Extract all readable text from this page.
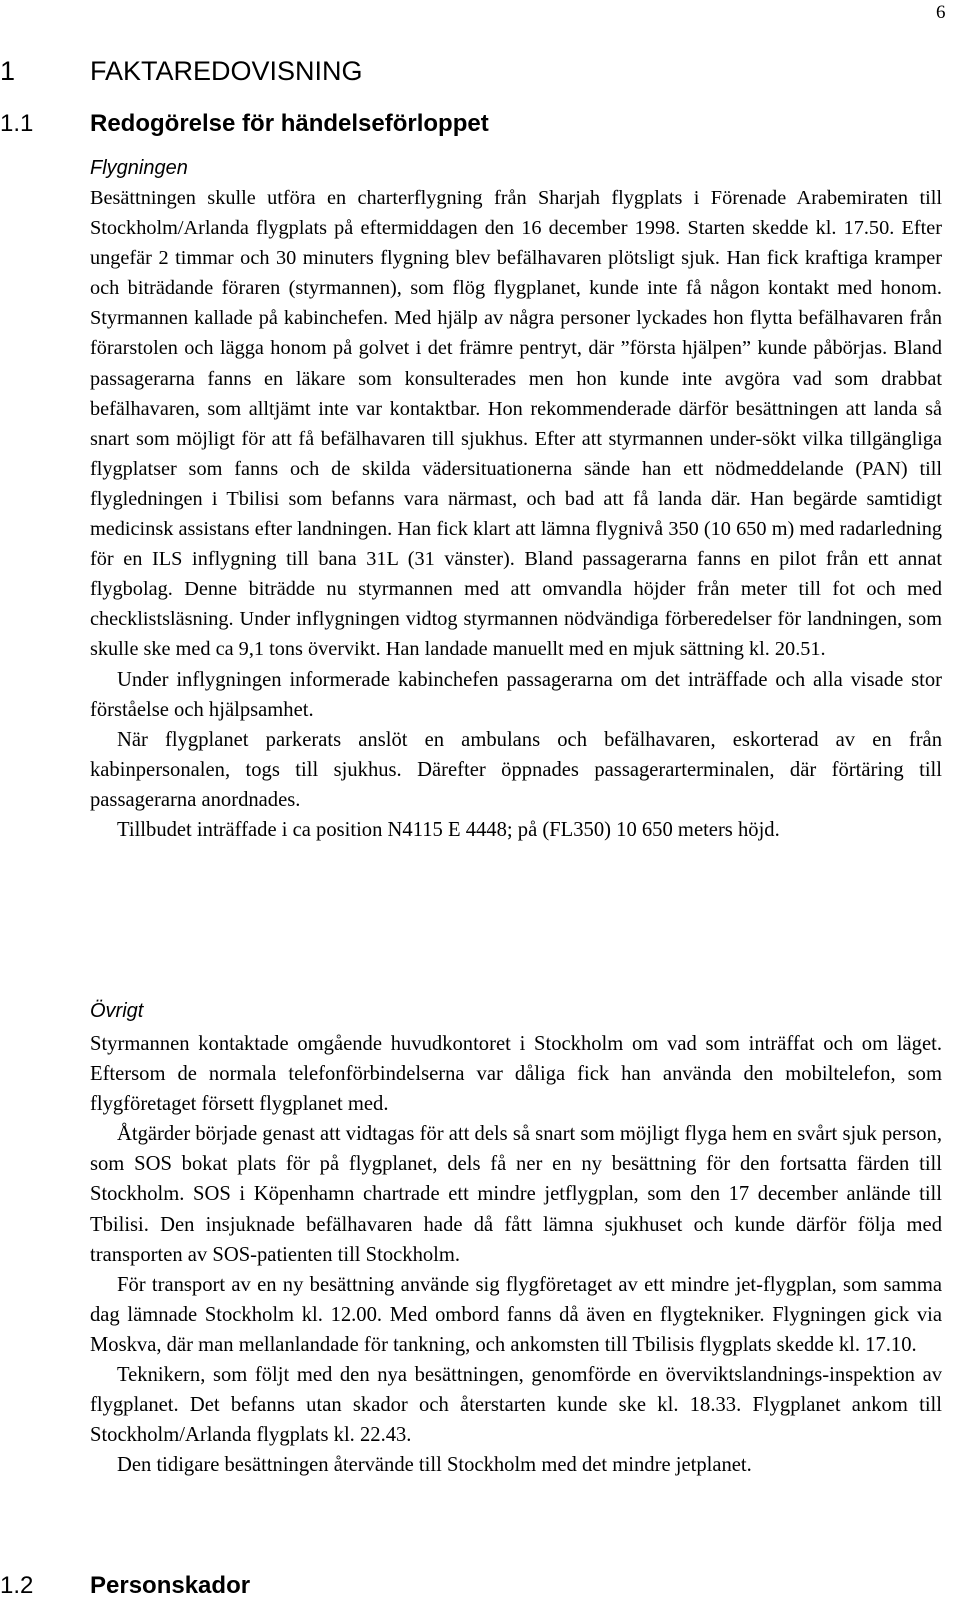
6
1	FAKTAREDOVISNING
1.1 Redogörelse för händelseförloppet
Flygningen

Besättningen skulle utföra en charterflygning från Sharjah flygplats i Förenade Arabemiraten till Stockholm/Arlanda flygplats på eftermiddagen den 16 december 1998. Starten skedde kl. 17.50. Efter ungefär 2 timmar och 30 minuters flygning blev befälhavaren plötsligt sjuk. Han fick kraftiga kramper och biträdande föraren (styrmannen), som flög flygplanet, kunde inte få någon kontakt med honom. Styrmannen kallade på kabinchefen. Med hjälp av några personer lyckades hon flytta befälhavaren från förarstolen och lägga honom på golvet i det främre pentryt, där ”första hjälpen” kunde påbörjas. Bland passagerarna fanns en läkare som konsulterades men hon kunde inte avgöra vad som drabbat befälhavaren, som alltjämt inte var kontaktbar. Hon rekommenderade därför besättningen att landa så snart som möjligt för att få befälhavaren till sjukhus. Efter att styrmannen under-sökt vilka tillgängliga flygplatser som fanns och de skilda vädersituationerna sände han ett nödmeddelande (PAN) till flygledningen i Tbilisi som befanns vara närmast, och bad att få landa där. Han begärde samtidigt medicinsk assistans efter landningen. Han fick klart att lämna flygnivå 350 (10 650 m) med radarledning för en ILS inflygning till bana 31L (31 vänster). Bland passagerarna fanns en pilot från ett annat flygbolag. Denne biträdde nu styrmannen med att omvandla höjder från meter till fot och med checklistsläsning. Under inflygningen vidtog styrmannen nödvändiga förberedelser för landningen, som skulle ske med ca 9,1 tons övervikt. Han landade manuellt med en mjuk sättning kl. 20.51.

Under inflygningen informerade kabinchefen passagerarna om det inträffade och alla visade stor förståelse och hjälpsamhet.

När flygplanet parkerats anslöt en ambulans och befälhavaren, eskorterad av en från kabinpersonalen, togs till sjukhus. Därefter öppnades passagerarterminalen, där förtäring till passagerarna anordnades.

Tillbudet inträffade i ca position N4115 E 4448; på (FL350) 10 650 meters höjd.

Övrigt

Styrmannen kontaktade omgående huvudkontoret i Stockholm om vad som inträffat och om läget. Eftersom de normala telefonförbindelserna var dåliga fick han använda den mobiltelefon, som flygföretaget försett flygplanet med.

Åtgärder började genast att vidtagas för att dels så snart som möjligt flyga hem en svårt sjuk person, som SOS bokat plats för på flygplanet, dels få ner en ny besättning för den fortsatta färden till Stockholm. SOS i Köpenhamn chartrade ett mindre jetflygplan, som den 17 december anlände till Tbilisi. Den insjuknade befälhavaren hade då fått lämna sjukhuset och kunde därför följa med transporten av SOS-patienten till Stockholm.

För transport av en ny besättning använde sig flygföretaget av ett mindre jet-flygplan, som samma dag lämnade Stockholm kl. 12.00. Med ombord fanns då även en flygtekniker. Flygningen gick via Moskva, där man mellanlandade för tankning, och ankomsten till Tbilisis flygplats skedde kl. 17.10.

Teknikern, som följt med den nya besättningen, genomförde en överviktslandnings-inspektion av flygplanet. Det befanns utan skador och återstarten kunde ske kl. 18.33. Flygplanet ankom till Stockholm/Arlanda flygplats kl. 22.43.

Den tidigare besättningen återvände till Stockholm med det mindre jetplanet.

1.2 Personskador
